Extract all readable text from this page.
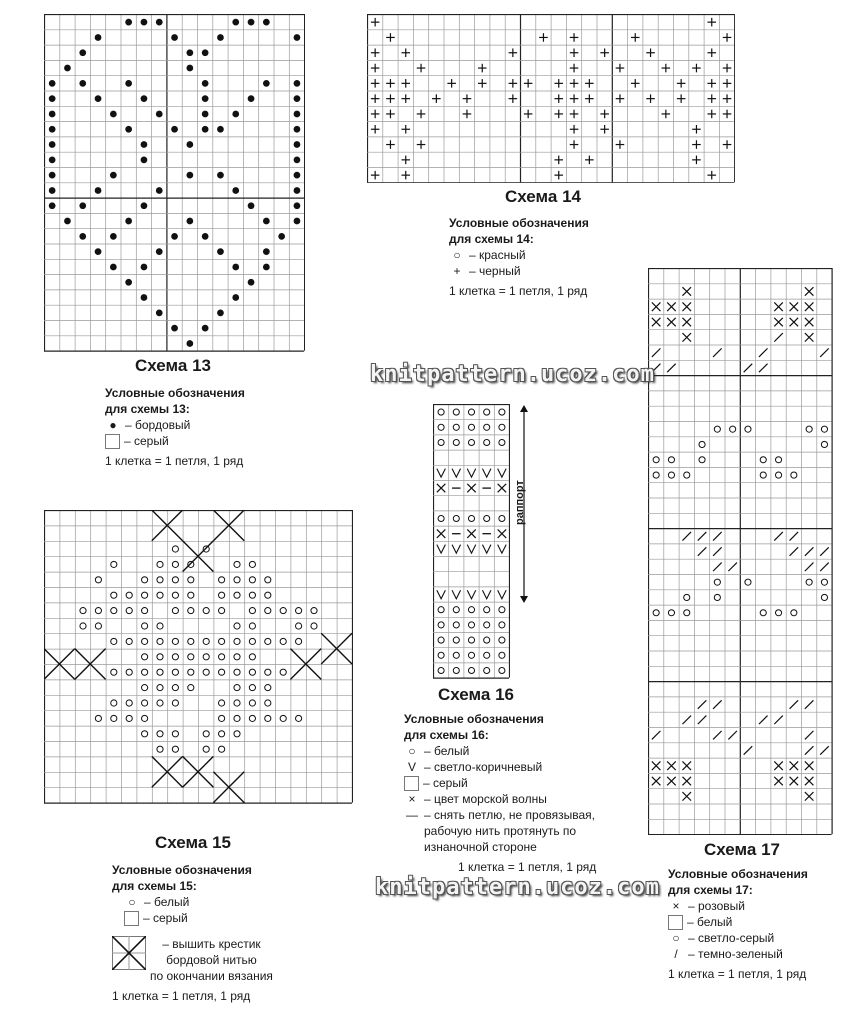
Схема 13
Условные обозначения
для схемы 13:
● – бордовый
– серый
1 клетка = 1 петля, 1 ряд
Схема 14
Условные обозначения
для схемы 14:
○ – красный
+ – черный
1 клетка = 1 петля, 1 ряд
Схема 15
Условные обозначения
для схемы 15:
○ – белый
– серый
– вышить крестик
бордовой нитью
по окончании вязания
1 клетка = 1 петля, 1 ряд
раппорт
Схема 16
Условные обозначения
для схемы 16:
○ – белый
V – светло-коричневый
– серый
× – цвет морской волны
— – снять петлю, не провязывая,
рабочую нить протянуть по
изнаночной стороне
1 клетка = 1 петля, 1 ряд
Схема 17
Условные обозначения
для схемы 17:
× – розовый
– белый
○ – светло-серый
/ – темно-зеленый
1 клетка = 1 петля, 1 ряд
knitpattern.ucoz.com
knitpattern.ucoz.com
